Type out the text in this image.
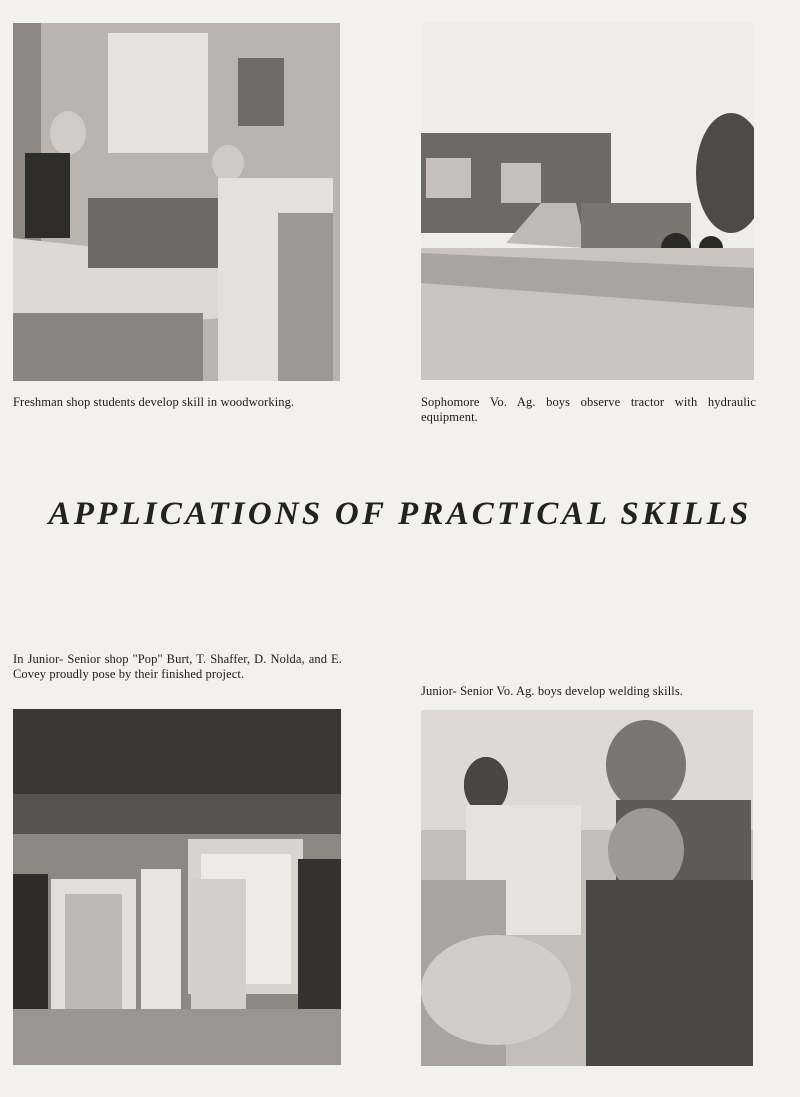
Freshman shop students develop skill in woodworking.	Sophomore Vo. Ag. boys observe tractor with hydraulic equipment.
APPLICATIONS OF PRACTICAL SKILLS
In Junior- Senior shop "Pop" Burt, T. Shaffer, D. Nolda, and E. Covey proudly pose by their finished project.
Junior- Senior Vo. Ag. boys develop welding skills.
